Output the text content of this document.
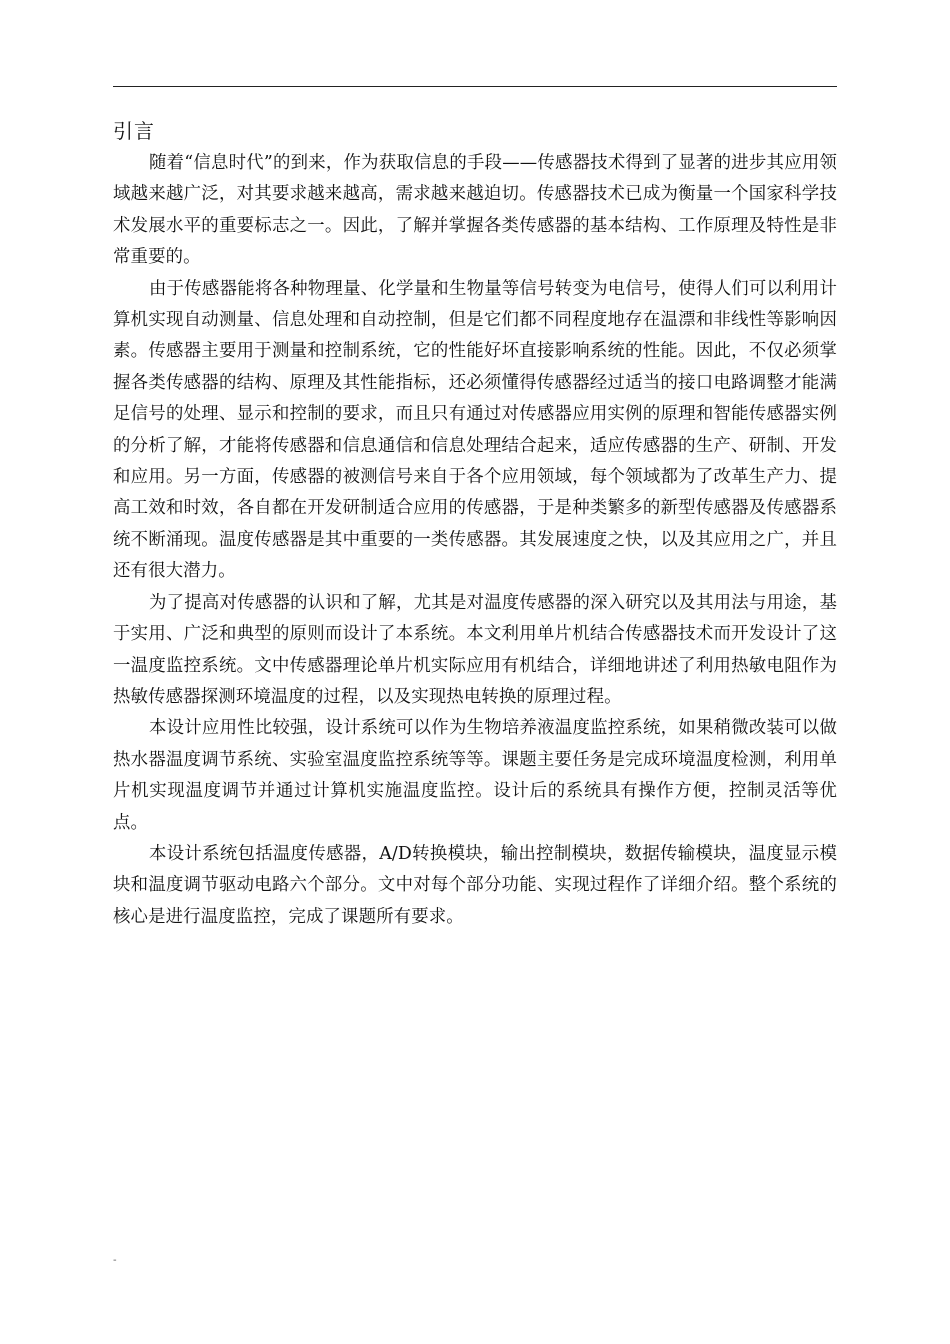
引言

随着“信息时代”的到来，作为获取信息的手段——传感器技术得到了显著的进步其应用领域越来越广泛，对其要求越来越高，需求越来越迫切。传感器技术已成为衡量一个国家科学技术发展水平的重要标志之一。因此，了解并掌握各类传感器的基本结构、工作原理及特性是非常重要的。

由于传感器能将各种物理量、化学量和生物量等信号转变为电信号，使得人们可以利用计算机实现自动测量、信息处理和自动控制，但是它们都不同程度地存在温漂和非线性等影响因素。传感器主要用于测量和控制系统，它的性能好坏直接影响系统的性能。因此，不仅必须掌握各类传感器的结构、原理及其性能指标，还必须懂得传感器经过适当的接口电路调整才能满足信号的处理、显示和控制的要求，而且只有通过对传感器应用实例的原理和智能传感器实例的分析了解，才能将传感器和信息通信和信息处理结合起来，适应传感器的生产、研制、开发和应用。另一方面，传感器的被测信号来自于各个应用领域，每个领域都为了改革生产力、提高工效和时效，各自都在开发研制适合应用的传感器，于是种类繁多的新型传感器及传感器系统不断涌现。温度传感器是其中重要的一类传感器。其发展速度之快，以及其应用之广，并且还有很大潜力。

为了提高对传感器的认识和了解，尤其是对温度传感器的深入研究以及其用法与用途，基于实用、广泛和典型的原则而设计了本系统。本文利用单片机结合传感器技术而开发设计了这一温度监控系统。文中传感器理论单片机实际应用有机结合，详细地讲述了利用热敏电阻作为热敏传感器探测环境温度的过程，以及实现热电转换的原理过程。

本设计应用性比较强，设计系统可以作为生物培养液温度监控系统，如果稍微改装可以做热水器温度调节系统、实验室温度监控系统等等。课题主要任务是完成环境温度检测，利用单片机实现温度调节并通过计算机实施温度监控。设计后的系统具有操作方便，控制灵活等优点。

本设计系统包括温度传感器，A/D转换模块，输出控制模块，数据传输模块，温度显示模块和温度调节驱动电路六个部分。文中对每个部分功能、实现过程作了详细介绍。整个系统的核心是进行温度监控，完成了课题所有要求。

-
